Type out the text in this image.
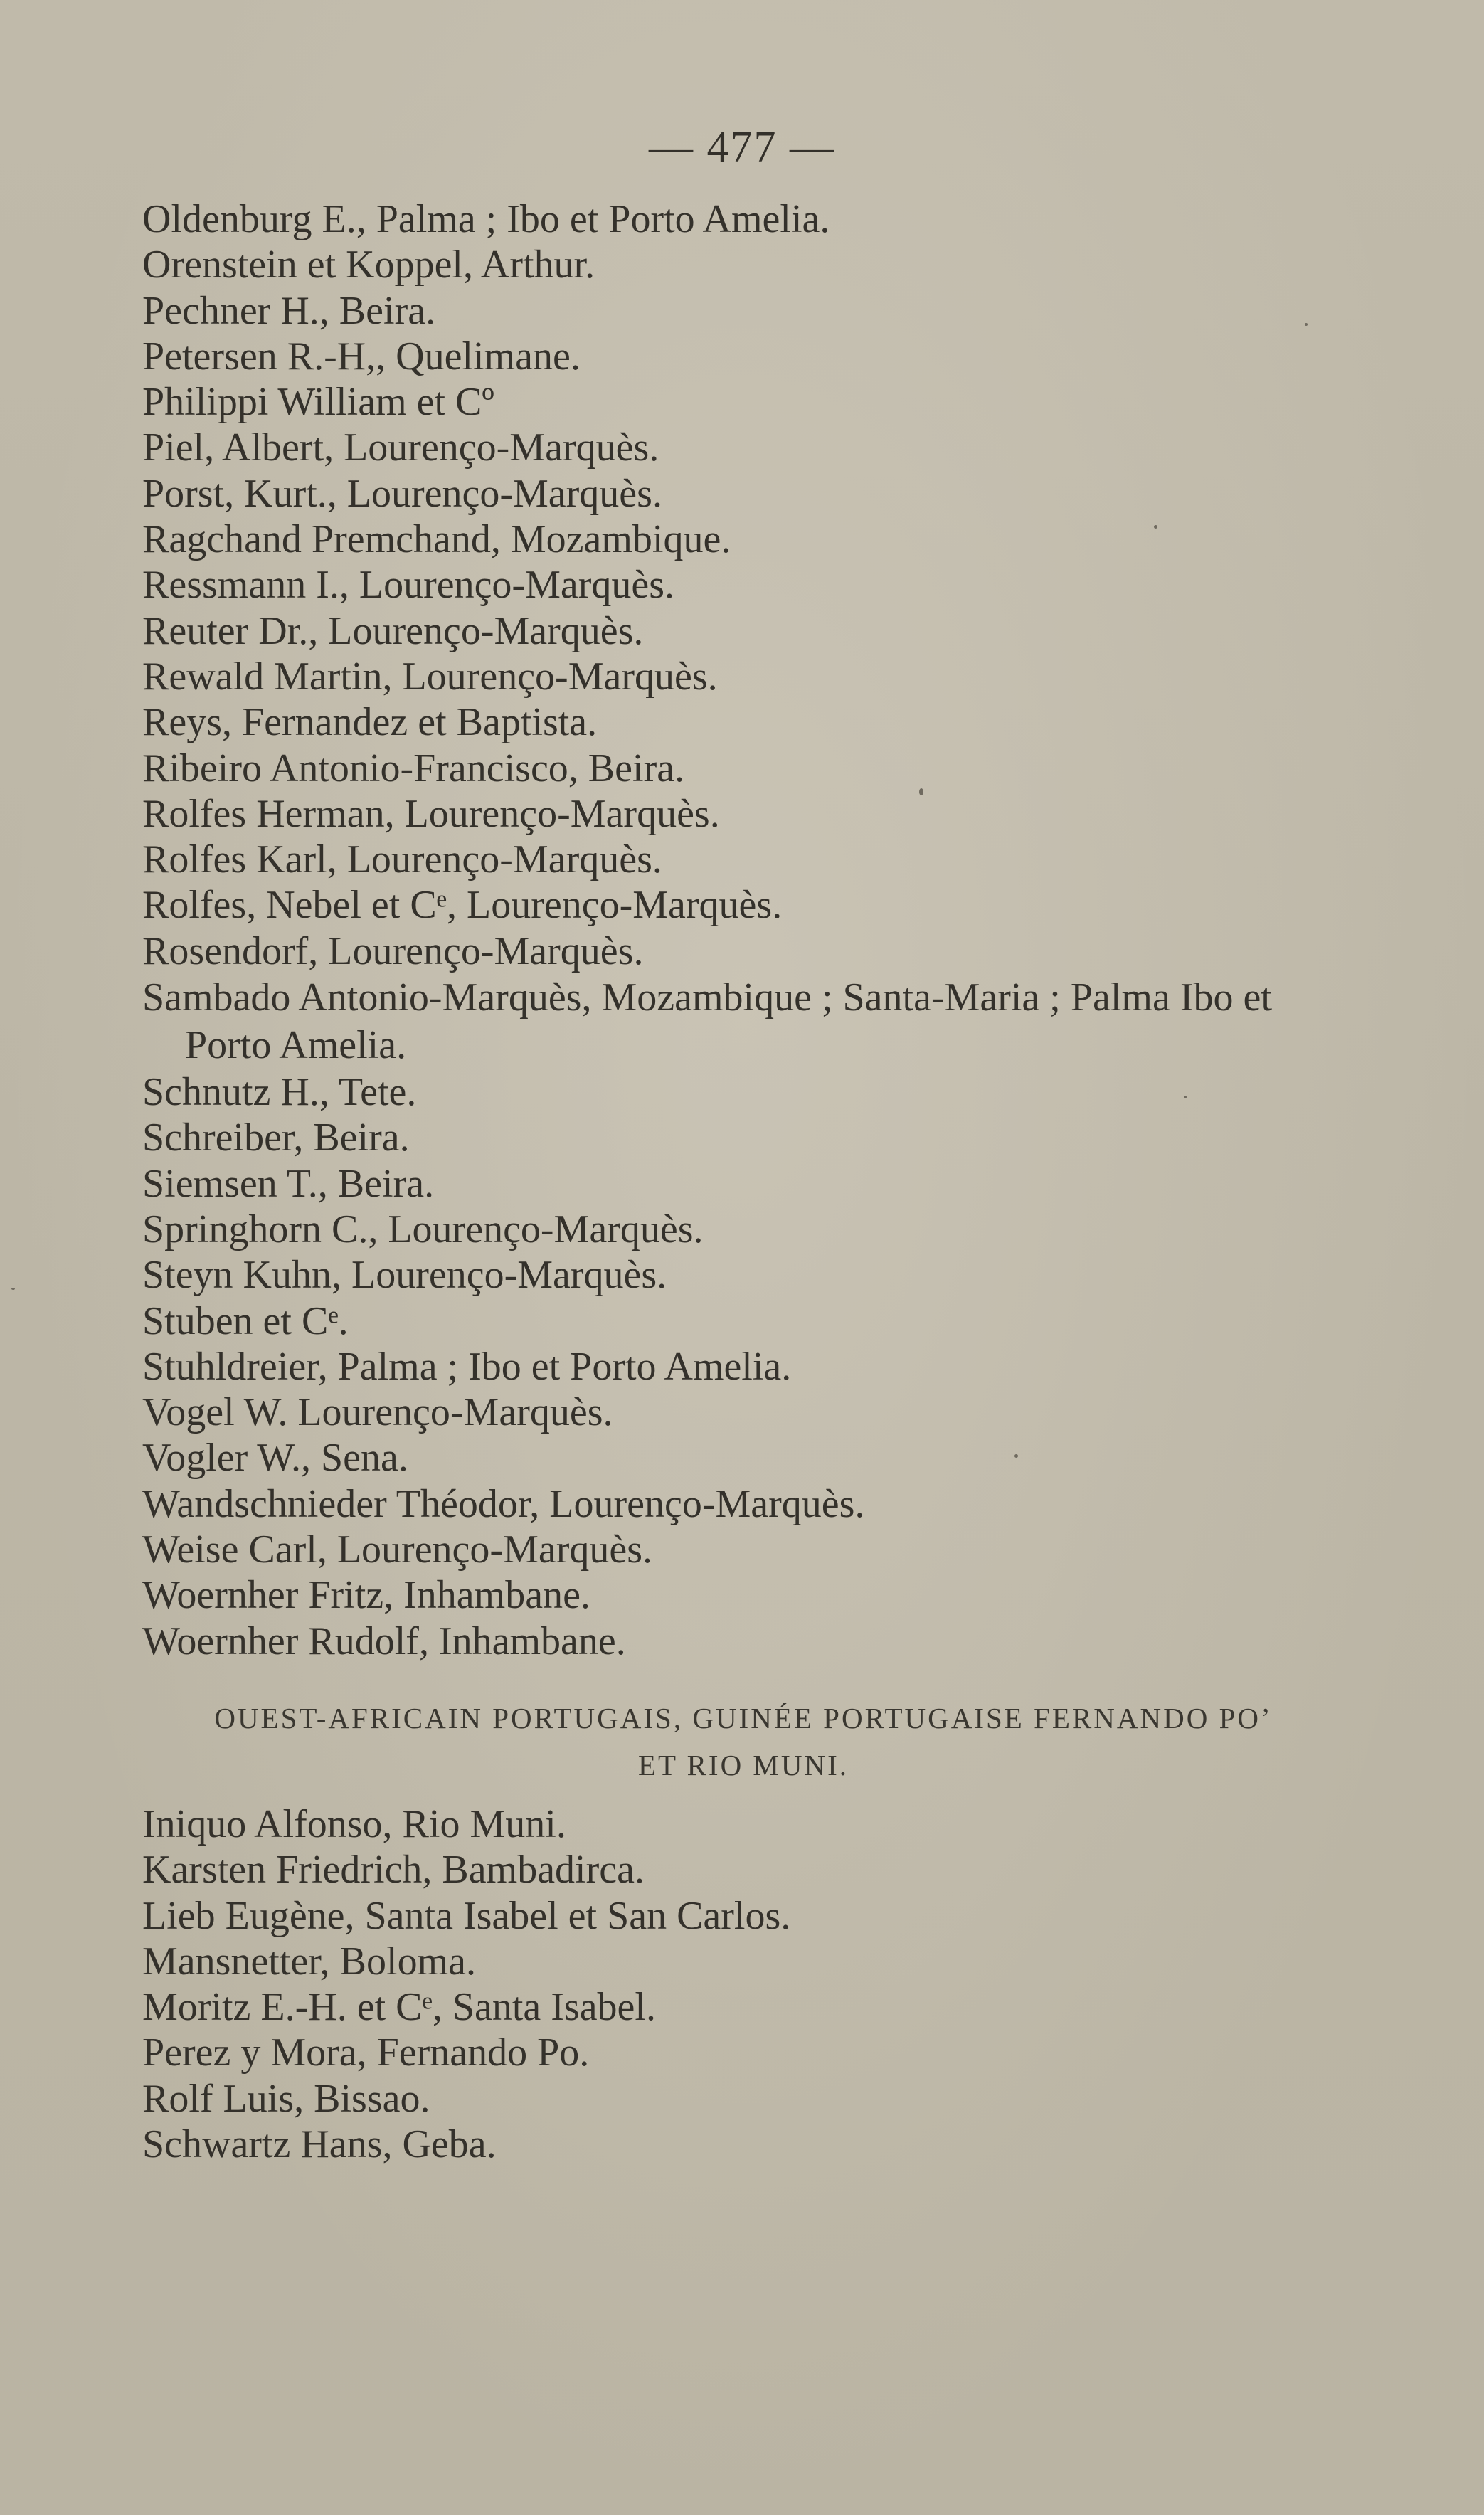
— 477 —
Oldenburg E., Palma ; Ibo et Porto Amelia.
Orenstein et Koppel, Arthur.
Pechner H., Beira.
Petersen R.-H,, Quelimane.
Philippi William et Cº
Piel, Albert, Lourenço-Marquès.
Porst, Kurt., Lourenço-Marquès.
Ragchand Premchand, Mozambique.
Ressmann I., Lourenço-Marquès.
Reuter Dr., Lourenço-Marquès.
Rewald Martin, Lourenço-Marquès.
Reys, Fernandez et Baptista.
Ribeiro Antonio-Francisco, Beira.
Rolfes Herman, Lourenço-Marquès.
Rolfes Karl, Lourenço-Marquès.
Rolfes, Nebel et Cᵉ, Lourenço-Marquès.
Rosendorf, Lourenço-Marquès.
Sambado Antonio-Marquès, Mozambique ; Santa-Maria ; Palma Ibo et Porto Amelia.
Schnutz H., Tete.
Schreiber, Beira.
Siemsen T., Beira.
Springhorn C., Lourenço-Marquès.
Steyn Kuhn, Lourenço-Marquès.
Stuben et Cᵉ.
Stuhldreier, Palma ; Ibo et Porto Amelia.
Vogel W. Lourenço-Marquès.
Vogler W., Sena.
Wandschnieder Théodor, Lourenço-Marquès.
Weise Carl, Lourenço-Marquès.
Woernher Fritz, Inhambane.
Woernher Rudolf, Inhambane.
OUEST-AFRICAIN PORTUGAIS, GUINÉE PORTUGAISE FERNANDO PO’
ET RIO MUNI.
Iniquo Alfonso, Rio Muni.
Karsten Friedrich, Bambadirca.
Lieb Eugène, Santa Isabel et San Carlos.
Mansnetter, Boloma.
Moritz E.-H. et Cᵉ, Santa Isabel.
Perez y Mora, Fernando Po.
Rolf Luis, Bissao.
Schwartz Hans, Geba.
